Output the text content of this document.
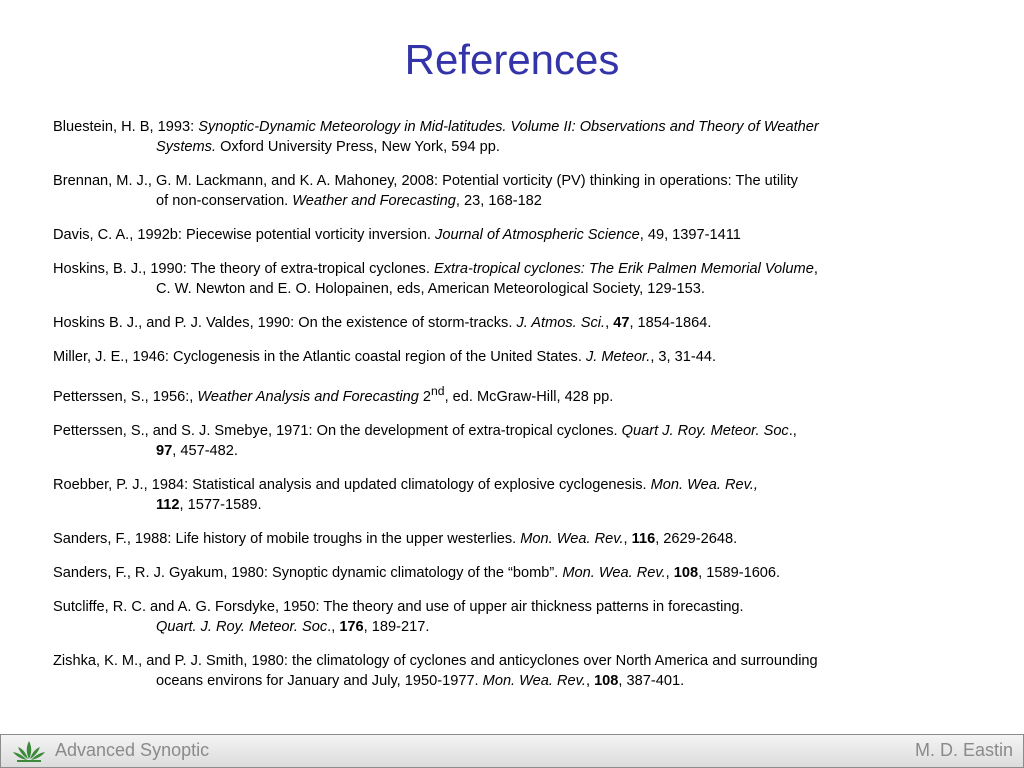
References
Bluestein, H. B, 1993: Synoptic-Dynamic Meteorology in Mid-latitudes. Volume II: Observations and Theory of Weather
Systems. Oxford University Press, New York, 594 pp.
Brennan, M. J., G. M. Lackmann, and K. A. Mahoney, 2008: Potential vorticity (PV) thinking in operations: The utility
of non-conservation. Weather and Forecasting, 23, 168-182
Davis, C. A., 1992b: Piecewise potential vorticity inversion. Journal of Atmospheric Science, 49, 1397-1411
Hoskins, B. J., 1990: The theory of extra-tropical cyclones. Extra-tropical cyclones: The Erik Palmen Memorial Volume,
C. W. Newton and E. O. Holopainen, eds, American Meteorological Society, 129-153.
Hoskins B. J., and P. J. Valdes, 1990: On the existence of storm-tracks. J. Atmos. Sci., 47, 1854-1864.
Miller, J. E., 1946: Cyclogenesis in the Atlantic coastal region of the United States. J. Meteor., 3, 31-44.
Petterssen, S., 1956:, Weather Analysis and Forecasting 2nd, ed. McGraw-Hill, 428 pp.
Petterssen, S., and S. J. Smebye, 1971: On the development of extra-tropical cyclones. Quart J. Roy. Meteor. Soc.,
97, 457-482.
Roebber, P. J., 1984: Statistical analysis and updated climatology of explosive cyclogenesis. Mon. Wea. Rev.,
112, 1577-1589.
Sanders, F., 1988: Life history of mobile troughs in the upper westerlies. Mon. Wea. Rev., 116, 2629-2648.
Sanders, F., R. J. Gyakum, 1980: Synoptic dynamic climatology of the “bomb”. Mon. Wea. Rev., 108, 1589-1606.
Sutcliffe, R. C. and A. G. Forsdyke, 1950: The theory and use of upper air thickness patterns in forecasting.
Quart. J. Roy. Meteor. Soc., 176, 189-217.
Zishka, K. M., and P. J. Smith, 1980: the climatology of cyclones and anticyclones over North America and surrounding
oceans environs for January and July, 1950-1977. Mon. Wea. Rev., 108, 387-401.
Advanced Synoptic	M. D. Eastin
